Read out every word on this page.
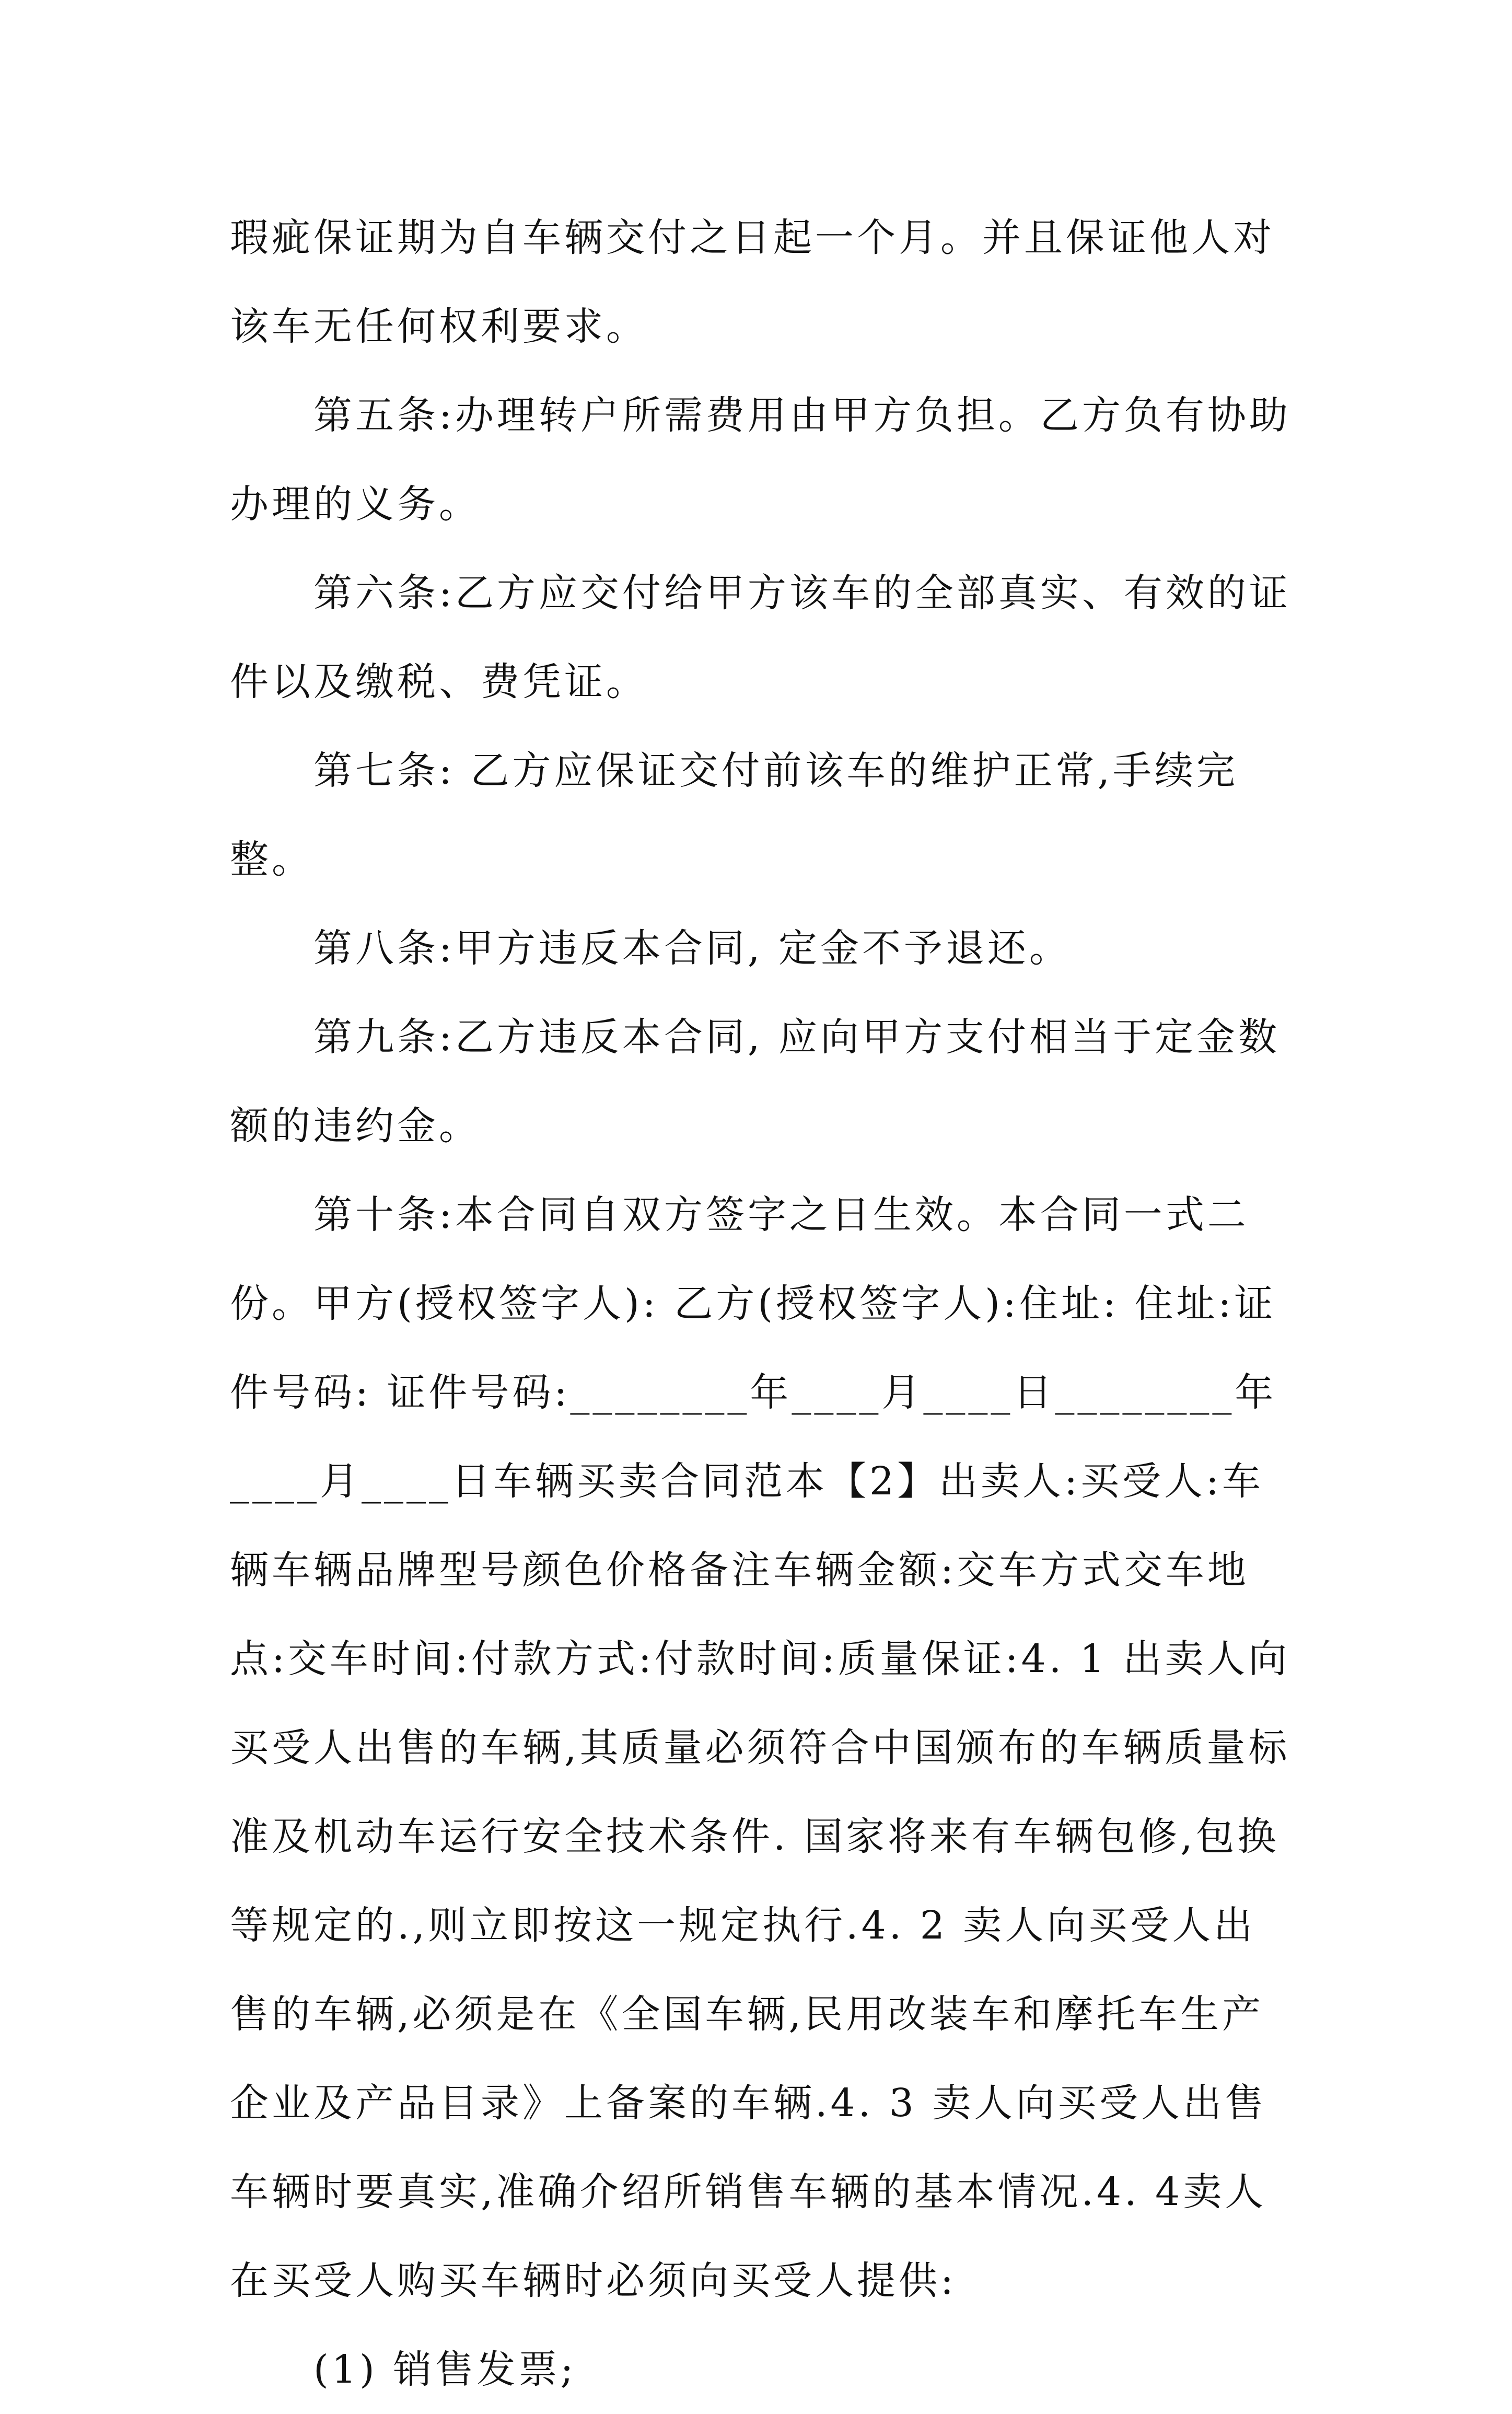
瑕疵保证期为自车辆交付之日起一个月。并且保证他人对该车无任何权利要求。

第五条:办理转户所需费用由甲方负担。乙方负有协助办理的义务。

第六条:乙方应交付给甲方该车的全部真实、有效的证件以及缴税、费凭证。

第七条: 乙方应保证交付前该车的维护正常,手续完整。

第八条:甲方违反本合同, 定金不予退还。

第九条:乙方违反本合同, 应向甲方支付相当于定金数额的违约金。

第十条:本合同自双方签字之日生效。本合同一式二份。甲方(授权签字人): 乙方(授权签字人):住址: 住址:证件号码: 证件号码:________年____月____日________年____月____日车辆买卖合同范本【2】出卖人:买受人:车辆车辆品牌型号颜色价格备注车辆金额:交车方式交车地点:交车时间:付款方式:付款时间:质量保证:4. 1 出卖人向买受人出售的车辆,其质量必须符合中国颁布的车辆质量标准及机动车运行安全技术条件. 国家将来有车辆包修,包换等规定的.,则立即按这一规定执行.4. 2 卖人向买受人出售的车辆,必须是在《全国车辆,民用改装车和摩托车生产企业及产品目录》上备案的车辆.4. 3 卖人向买受人出售车辆时要真实,准确介绍所销售车辆的基本情况.4. 4卖人在买受人购买车辆时必须向买受人提供:

(1) 销售发票;
